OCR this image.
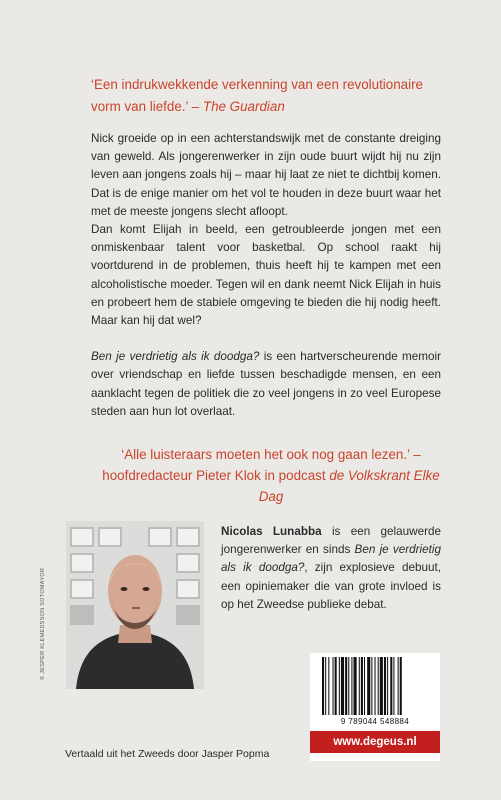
‘Een indrukwekkende verkenning van een revolutionaire vorm van liefde.’ – The Guardian

Nick groeide op in een achterstandswijk met de constante dreiging van geweld. Als jongerenwerker in zijn oude buurt wijdt hij nu zijn leven aan jongens zoals hij – maar hij laat ze niet te dichtbij komen. Dat is de enige manier om het vol te houden in deze buurt waar het met de meeste jongens slecht afloopt.

Dan komt Elijah in beeld, een getroubleerde jongen met een onmiskenbaar talent voor basketbal. Op school raakt hij voortdurend in de problemen, thuis heeft hij te kampen met een alcoholistische moeder. Tegen wil en dank neemt Nick Elijah in huis en probeert hem de stabiele omgeving te bieden die hij nodig heeft. Maar kan hij dat wel?

Ben je verdrietig als ik doodga? is een hartverscheurende memoir over vriendschap en liefde tussen beschadigde mensen, en een aanklacht tegen de politiek die zo veel jongens in zo veel Europese steden aan hun lot overlaat.

‘Alle luisteraars moeten het ook nog gaan lezen.’ – hoofdredacteur Pieter Klok in podcast de Volkskrant Elke Dag
© JESPER KLEMEDSSON SOTOMAYOR
Nicolas Lunabba is een gelauwerde jongerenwerker en sinds Ben je verdrietig als ik doodga?, zijn explosieve debuut, een opiniemaker die van grote invloed is op het Zweedse publieke debat.
9 789044 548884
www.degeus.nl
Vertaald uit het Zweeds door Jasper Popma
